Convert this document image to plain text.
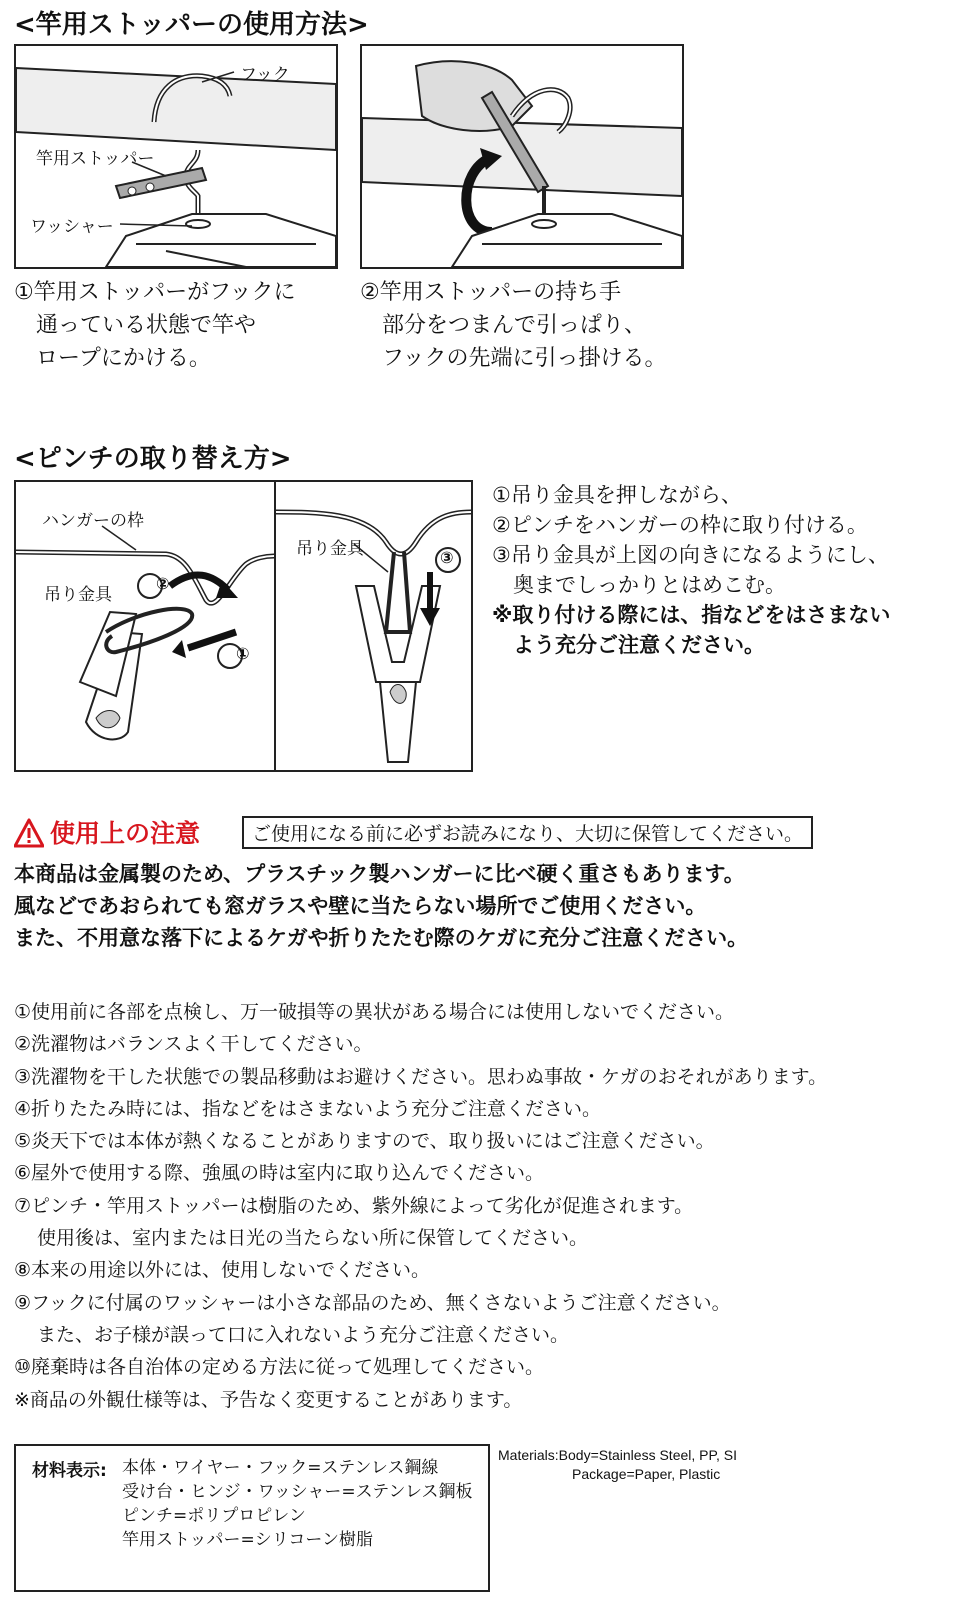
<竿用ストッパーの使用方法>
フック
竿用ストッパー
ワッシャー
①竿用ストッパーがフックに
　通っている状態で竿や
　ロープにかける。
②竿用ストッパーの持ち手
　部分をつまんで引っぱり、
　フックの先端に引っ掛ける。
<ピンチの取り替え方>
ハンガーの枠
吊り金具
②
①
吊り金具	③
①吊り金具を押しながら、
②ピンチをハンガーの枠に取り付ける。
③吊り金具が上図の向きになるようにし、
　奥までしっかりとはめこむ。
※取り付ける際には、指などをはさまない
　よう充分ご注意ください。
使用上の注意	ご使用になる前に必ずお読みになり、大切に保管してください。
本商品は金属製のため、プラスチック製ハンガーに比べ硬く重さもあります。
風などであおられても窓ガラスや壁に当たらない場所でご使用ください。
また、不用意な落下によるケガや折りたたむ際のケガに充分ご注意ください。
①使用前に各部を点検し、万一破損等の異状がある場合には使用しないでください。
②洗濯物はバランスよく干してください。
③洗濯物を干した状態での製品移動はお避けください。思わぬ事故・ケガのおそれがあります。
④折りたたみ時には、指などをはさまないよう充分ご注意ください。
⑤炎天下では本体が熱くなることがありますので、取り扱いにはご注意ください。
⑥屋外で使用する際、強風の時は室内に取り込んでください。
⑦ピンチ・竿用ストッパーは樹脂のため、紫外線によって劣化が促進されます。
使用後は、室内または日光の当たらない所に保管してください。
⑧本来の用途以外には、使用しないでください。
⑨フックに付属のワッシャーは小さな部品のため、無くさないようご注意ください。
また、お子様が誤って口に入れないよう充分ご注意ください。
⑩廃棄時は各自治体の定める方法に従って処理してください。
※商品の外観仕様等は、予告なく変更することがあります。
材料表示: 本体・ワイヤー・フック=ステンレス鋼線
受け台・ヒンジ・ワッシャー=ステンレス鋼板
ピンチ=ポリプロピレン
竿用ストッパー=シリコーン樹脂
Materials:Body=Stainless Steel, PP, SI
Package=Paper, Plastic
